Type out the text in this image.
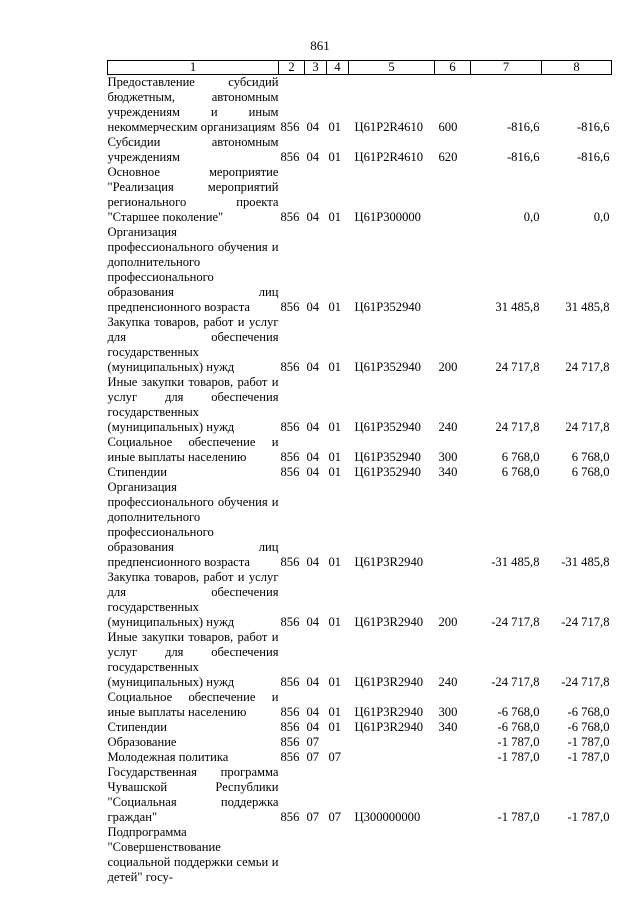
861
1	2	3	4	5	6	7	8
Предоставление субсидий бюджетным, автономным учреждениям и иным некоммерческим организациям	856	04	01	Ц61P2R4610	600	-816,6	-816,6
Субсидии автономным учреждениям	856	04	01	Ц61P2R4610	620	-816,6	-816,6
Основное мероприятие "Реализация мероприятий регионального проекта "Старшее поколение"	856	04	01	Ц61P300000		0,0	0,0
Организация профессионального обучения и дополнительного профессионального образования лиц предпенсионного возраста	856	04	01	Ц61P352940		31 485,8	31 485,8
Закупка товаров, работ и услуг для обеспечения государственных (муниципальных) нужд	856	04	01	Ц61P352940	200	24 717,8	24 717,8
Иные закупки товаров, работ и услуг для обеспечения государственных (муниципальных) нужд	856	04	01	Ц61P352940	240	24 717,8	24 717,8
Социальное обеспечение и иные выплаты населению	856	04	01	Ц61P352940	300	6 768,0	6 768,0
Стипендии	856	04	01	Ц61P352940	340	6 768,0	6 768,0
Организация профессионального обучения и дополнительного профессионального образования лиц предпенсионного возраста	856	04	01	Ц61P3R2940		-31 485,8	-31 485,8
Закупка товаров, работ и услуг для обеспечения государственных (муниципальных) нужд	856	04	01	Ц61P3R2940	200	-24 717,8	-24 717,8
Иные закупки товаров, работ и услуг для обеспечения государственных (муниципальных) нужд	856	04	01	Ц61P3R2940	240	-24 717,8	-24 717,8
Социальное обеспечение и иные выплаты населению	856	04	01	Ц61P3R2940	300	-6 768,0	-6 768,0
Стипендии	856	04	01	Ц61P3R2940	340	-6 768,0	-6 768,0
Образование	856	07				-1 787,0	-1 787,0
Молодежная политика	856	07	07			-1 787,0	-1 787,0
Государственная программа Чувашской Республики "Социальная поддержка граждан"	856	07	07	Ц300000000		-1 787,0	-1 787,0
Подпрограмма "Совершенствование социальной поддержки семьи и детей" госу-							
